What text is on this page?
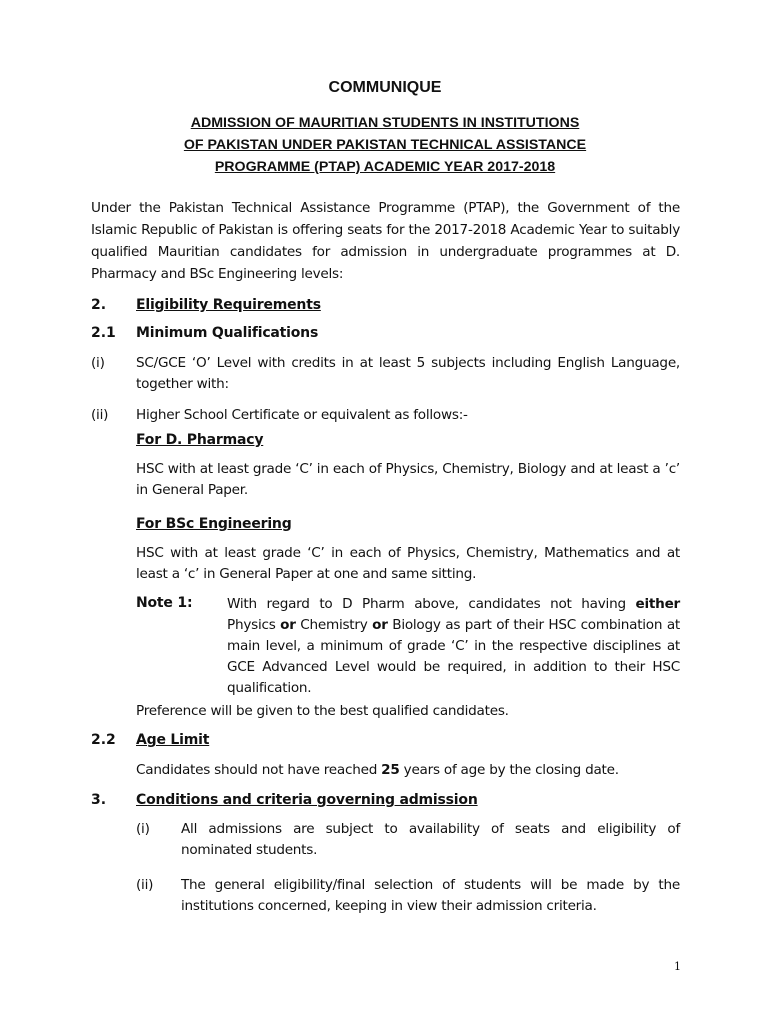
COMMUNIQUE
ADMISSION OF MAURITIAN STUDENTS IN INSTITUTIONS
OF PAKISTAN UNDER PAKISTAN TECHNICAL ASSISTANCE
PROGRAMME (PTAP) ACADEMIC YEAR 2017-2018
Under the Pakistan Technical Assistance Programme (PTAP), the Government of the Islamic Republic of Pakistan is offering seats for the 2017-2018 Academic Year to suitably qualified Mauritian candidates for admission in undergraduate programmes at D. Pharmacy and BSc Engineering levels:
2. Eligibility Requirements
2.1 Minimum Qualifications
(i) SC/GCE ‘O’ Level with credits in at least 5 subjects including English Language, together with:
(ii) Higher School Certificate or equivalent as follows:-
For D. Pharmacy
HSC with at least grade ‘C’ in each of Physics, Chemistry, Biology and at least a ’c’ in General Paper.
For BSc Engineering
HSC with at least grade ‘C’ in each of Physics, Chemistry, Mathematics and at least a ‘c’ in General Paper at one and same sitting.
Note 1:	With regard to D Pharm above, candidates not having either Physics or Chemistry or Biology as part of their HSC combination at main level, a minimum of grade ‘C’ in the respective disciplines at GCE Advanced Level would be required, in addition to their HSC qualification.
Preference will be given to the best qualified candidates.
2.2 Age Limit
Candidates should not have reached 25 years of age by the closing date.
3. Conditions and criteria governing admission
(i) All admissions are subject to availability of seats and eligibility of nominated students.
(ii) The general eligibility/final selection of students will be made by the institutions concerned, keeping in view their admission criteria.
1
